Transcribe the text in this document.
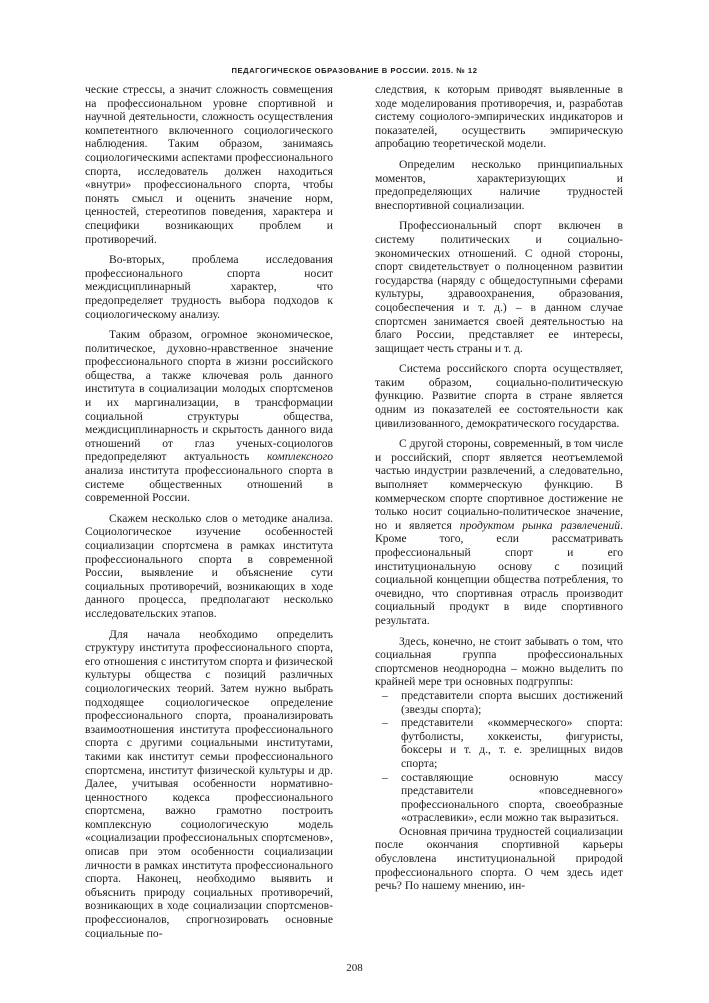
ПЕДАГОГИЧЕСКОЕ ОБРАЗОВАНИЕ В РОССИИ. 2015. № 12

ческие стрессы, а значит сложность совмещения на профессиональном уровне спортивной и научной деятельности, сложность осуществления компетентного включенного социологического наблюдения. Таким образом, занимаясь социологическими аспектами профессионального спорта, исследователь должен находиться «внутри» профессионального спорта, чтобы понять смысл и оценить значение норм, ценностей, стереотипов поведения, характера и специфики возникающих проблем и противоречий.

Во-вторых, проблема исследования профессионального спорта носит междисциплинарный характер, что предопределяет трудность выбора подходов к социологическому анализу.

Таким образом, огромное экономическое, политическое, духовно-нравственное значение профессионального спорта в жизни российского общества, а также ключевая роль данного института в социализации молодых спортсменов и их маргинализации, в трансформации социальной структуры общества, междисциплинарность и скрытость данного вида отношений от глаз ученых-социологов предопределяют актуальность комплексного анализа института профессионального спорта в системе общественных отношений в современной России.

Скажем несколько слов о методике анализа. Социологическое изучение особенностей социализации спортсмена в рамках института профессионального спорта в современной России, выявление и объяснение сути социальных противоречий, возникающих в ходе данного процесса, предполагают несколько исследовательских этапов.

Для начала необходимо определить структуру института профессионального спорта, его отношения с институтом спорта и физической культуры общества с позиций различных социологических теорий. Затем нужно выбрать подходящее социологическое определение профессионального спорта, проанализировать взаимоотношения института профессионального спорта с другими социальными институтами, такими как институт семьи профессионального спортсмена, институт физической культуры и др. Далее, учитывая особенности нормативно-ценностного кодекса профессионального спортсмена, важно грамотно построить комплексную социологическую модель «социализации профессиональных спортсменов», описав при этом особенности социализации личности в рамках института профессионального спорта. Наконец, необходимо выявить и объяснить природу социальных противоречий, возникающих в ходе социализации спортсменов-профессионалов, спрогнозировать основные социальные по-

следствия, к которым приводят выявленные в ходе моделирования противоречия, и, разработав систему социолого-эмпирических индикаторов и показателей, осуществить эмпирическую апробацию теоретической модели.

Определим несколько принципиальных моментов, характеризующих и предопределяющих наличие трудностей внеспортивной социализации.

Профессиональный спорт включен в систему политических и социально-экономических отношений. С одной стороны, спорт свидетельствует о полноценном развитии государства (наряду с общедоступными сферами культуры, здравоохранения, образования, соцобеспечения и т. д.) – в данном случае спортсмен занимается своей деятельностью на благо России, представляет ее интересы, защищает честь страны и т. д.

Система российского спорта осуществляет, таким образом, социально-политическую функцию. Развитие спорта в стране является одним из показателей ее состоятельности как цивилизованного, демократического государства.

С другой стороны, современный, в том числе и российский, спорт является неотъемлемой частью индустрии развлечений, а следовательно, выполняет коммерческую функцию. В коммерческом спорте спортивное достижение не только носит социально-политическое значение, но и является продуктом рынка развлечений. Кроме того, если рассматривать профессиональный спорт и его институциональную основу с позиций социальной концепции общества потребления, то очевидно, что спортивная отрасль производит социальный продукт в виде спортивного результата.

Здесь, конечно, не стоит забывать о том, что социальная группа профессиональных спортсменов неоднородна – можно выделить по крайней мере три основных подгруппы:

– представители спорта высших достижений (звезды спорта);
– представители «коммерческого» спорта: футболисты, хоккеисты, фигуристы, боксеры и т. д., т. е. зрелищных видов спорта;
– составляющие основную массу представители «повседневного» профессионального спорта, своеобразные «отраслевики», если можно так выразиться.

Основная причина трудностей социализации после окончания спортивной карьеры обусловлена институциональной природой профессионального спорта. О чем здесь идет речь? По нашему мнению, ин-

208
